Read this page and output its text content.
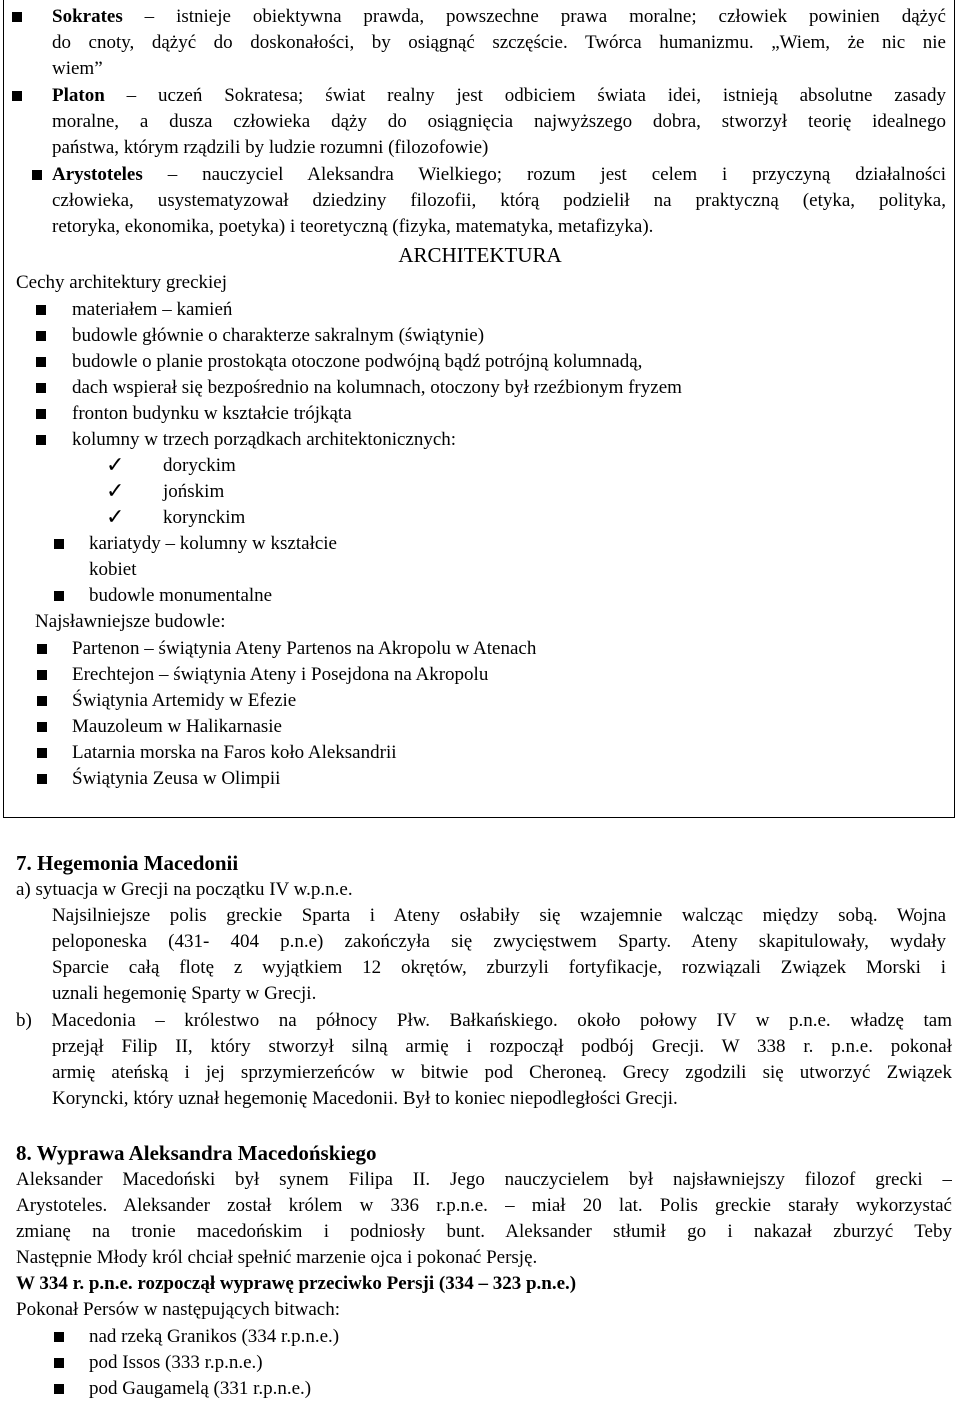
Sokrates – istnieje obiektywna prawda, powszechne prawa moralne; człowiek powinien dążyć
do cnoty, dążyć do doskonałości, by osiągnąć szczęście. Twórca humanizmu. „Wiem, że nic nie
wiem”
Platon – uczeń Sokratesa; świat realny jest odbiciem świata idei, istnieją absolutne zasady
moralne, a dusza człowieka dąży do osiągnięcia najwyższego dobra, stworzył teorię idealnego
państwa, którym rządzili by ludzie rozumni (filozofowie)
Arystoteles – nauczyciel Aleksandra Wielkiego; rozum jest celem i przyczyną działalności
człowieka, usystematyzował dziedziny filozofii, którą podzielił na praktyczną (etyka, polityka,
retoryka, ekonomika, poetyka) i teoretyczną (fizyka, matematyka, metafizyka).
ARCHITEKTURA
Cechy architektury greckiej
materiałem – kamień
budowle głównie o charakterze sakralnym (świątynie)
budowle o planie prostokąta otoczone podwójną bądź potrójną kolumnadą,
dach wspierał się bezpośrednio na kolumnach, otoczony był rzeźbionym fryzem
fronton budynku w kształcie trójkąta
kolumny w trzech porządkach architektonicznych:
✓ doryckim
✓ jońskim
✓ korynckim
kariatydy – kolumny w kształcie
kobiet
budowle monumentalne
Najsławniejsze budowle:
Partenon – świątynia Ateny Partenos na Akropolu w Atenach
Erechtejon – świątynia Ateny i Posejdona na Akropolu
Świątynia Artemidy w Efezie
Mauzoleum w Halikarnasie
Latarnia morska na Faros koło Aleksandrii
Świątynia Zeusa w Olimpii
7. Hegemonia Macedonii
a) sytuacja w Grecji na początku IV w.p.n.e.
Najsilniejsze polis greckie Sparta i Ateny osłabiły się wzajemnie walcząc między sobą. Wojna
peloponeska (431- 404 p.n.e) zakończyła się zwycięstwem Sparty. Ateny skapitulowały, wydały
Sparcie całą flotę z wyjątkiem 12 okrętów, zburzyli fortyfikacje, rozwiązali Związek Morski i
uznali hegemonię Sparty w Grecji.
b) Macedonia – królestwo na północy Płw. Bałkańskiego. około połowy IV w p.n.e. władzę tam
przejął Filip II, który stworzył silną armię i rozpoczął podbój Grecji. W 338 r. p.n.e. pokonał
armię ateńską i jej sprzymierzeńców w bitwie pod Cheroneą. Grecy zgodzili się utworzyć Związek
Koryncki, który uznał hegemonię Macedonii. Był to koniec niepodległości Grecji.
8. Wyprawa Aleksandra Macedońskiego
Aleksander Macedoński był synem Filipa II. Jego nauczycielem był najsławniejszy filozof grecki –
Arystoteles. Aleksander został królem w 336 r.p.n.e. – miał 20 lat. Polis greckie starały wykorzystać
zmianę na tronie macedońskim i podniosły bunt. Aleksander stłumił go i nakazał zburzyć Teby
Następnie Młody król chciał spełnić marzenie ojca i pokonać Persję.
W 334 r. p.n.e. rozpoczął wyprawę przeciwko Persji (334 – 323 p.n.e.)
Pokonał Persów w następujących bitwach:
nad rzeką Granikos (334 r.p.n.e.)
pod Issos (333 r.p.n.e.)
pod Gaugamelą (331 r.p.n.e.)
